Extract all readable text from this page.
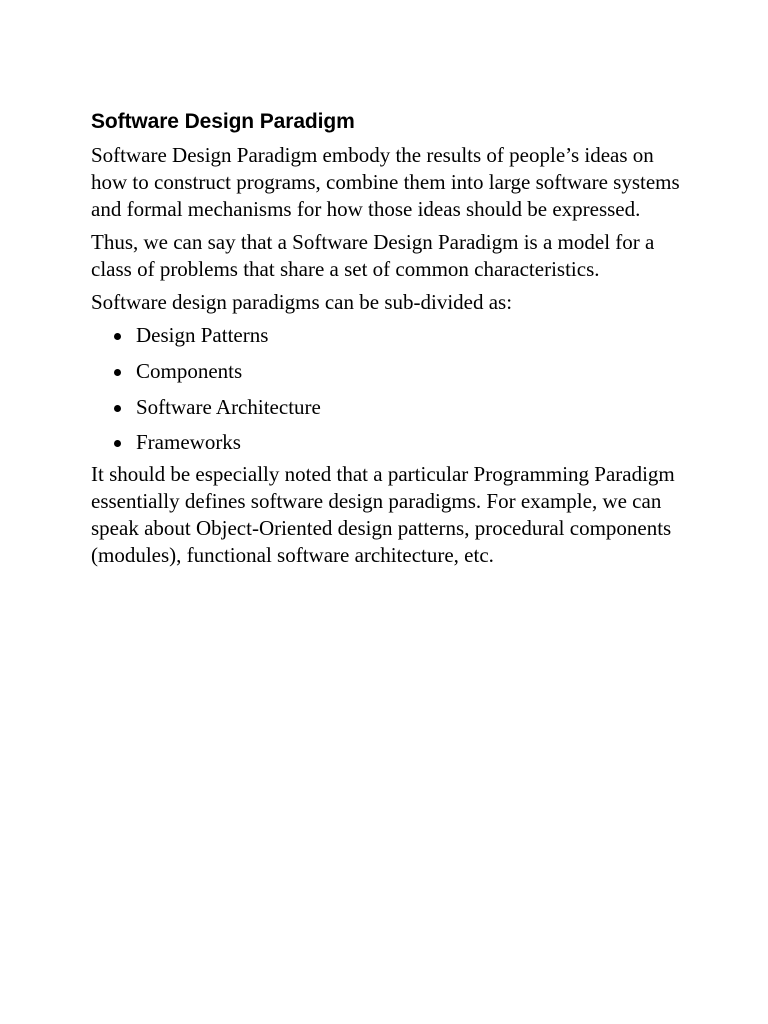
Software Design Paradigm

Software Design Paradigm embody the results of people’s ideas on how to construct programs, combine them into large software systems and formal mechanisms for how those ideas should be expressed.

Thus, we can say that a Software Design Paradigm is a model for a class of problems that share a set of common characteristics.

Software design paradigms can be sub-divided as:

Design Patterns
Components
Software Architecture
Frameworks

It should be especially noted that a particular Programming Paradigm essentially defines software design paradigms. For example, we can speak about Object-Oriented design patterns, procedural components (modules), functional software architecture, etc.
